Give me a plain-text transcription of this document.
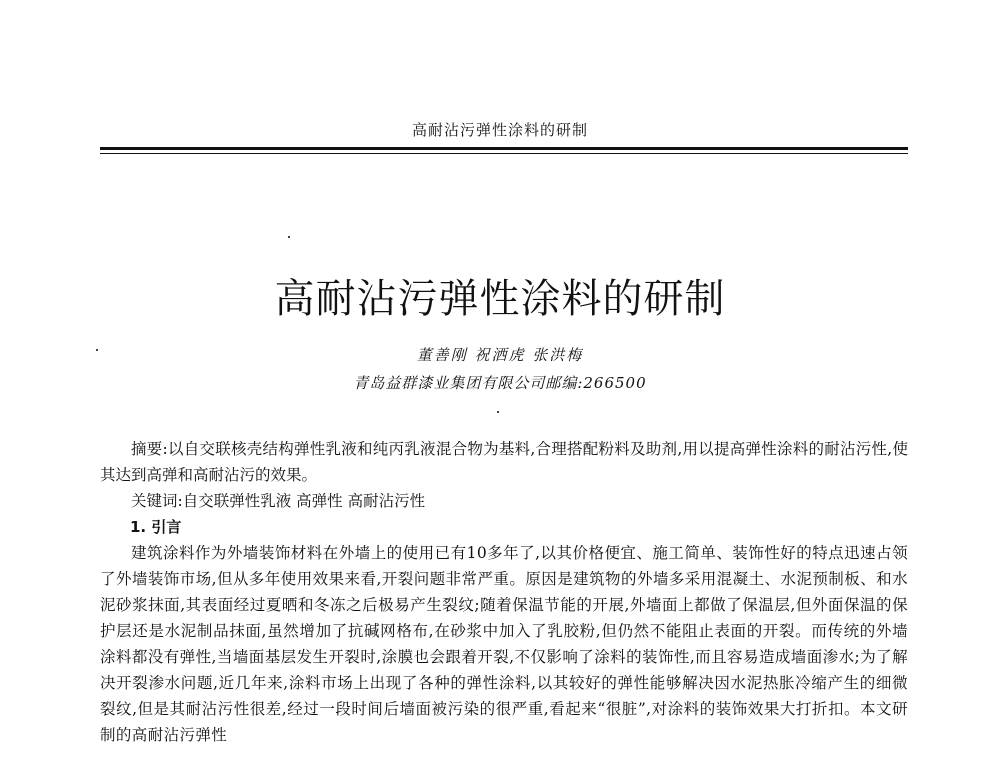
高耐沾污弹性涂料的研制
高耐沾污弹性涂料的研制
董善刚 祝洒虎 张洪梅
青岛益群漆业集团有限公司邮编:266500

摘要:以自交联核壳结构弹性乳液和纯丙乳液混合物为基料,合理搭配粉料及助剂,用以提高弹性涂料的耐沾污性,使其达到高弹和高耐沾污的效果。

关键词:自交联弹性乳液 高弹性 高耐沾污性

1. 引言

建筑涂料作为外墙装饰材料在外墙上的使用已有10多年了,以其价格便宜、施工简单、装饰性好的特点迅速占领了外墙装饰市场,但从多年使用效果来看,开裂问题非常严重。原因是建筑物的外墙多采用混凝土、水泥预制板、和水泥砂浆抹面,其表面经过夏晒和冬冻之后极易产生裂纹;随着保温节能的开展,外墙面上都做了保温层,但外面保温的保护层还是水泥制品抹面,虽然增加了抗碱网格布,在砂浆中加入了乳胶粉,但仍然不能阻止表面的开裂。而传统的外墙涂料都没有弹性,当墙面基层发生开裂时,涂膜也会跟着开裂,不仅影响了涂料的装饰性,而且容易造成墙面渗水;为了解决开裂渗水问题,近几年来,涂料市场上出现了各种的弹性涂料,以其较好的弹性能够解决因水泥热胀冷缩产生的细微裂纹,但是其耐沾污性很差,经过一段时间后墙面被污染的很严重,看起来“很脏”,对涂料的装饰效果大打折扣。本文研制的高耐沾污弹性
